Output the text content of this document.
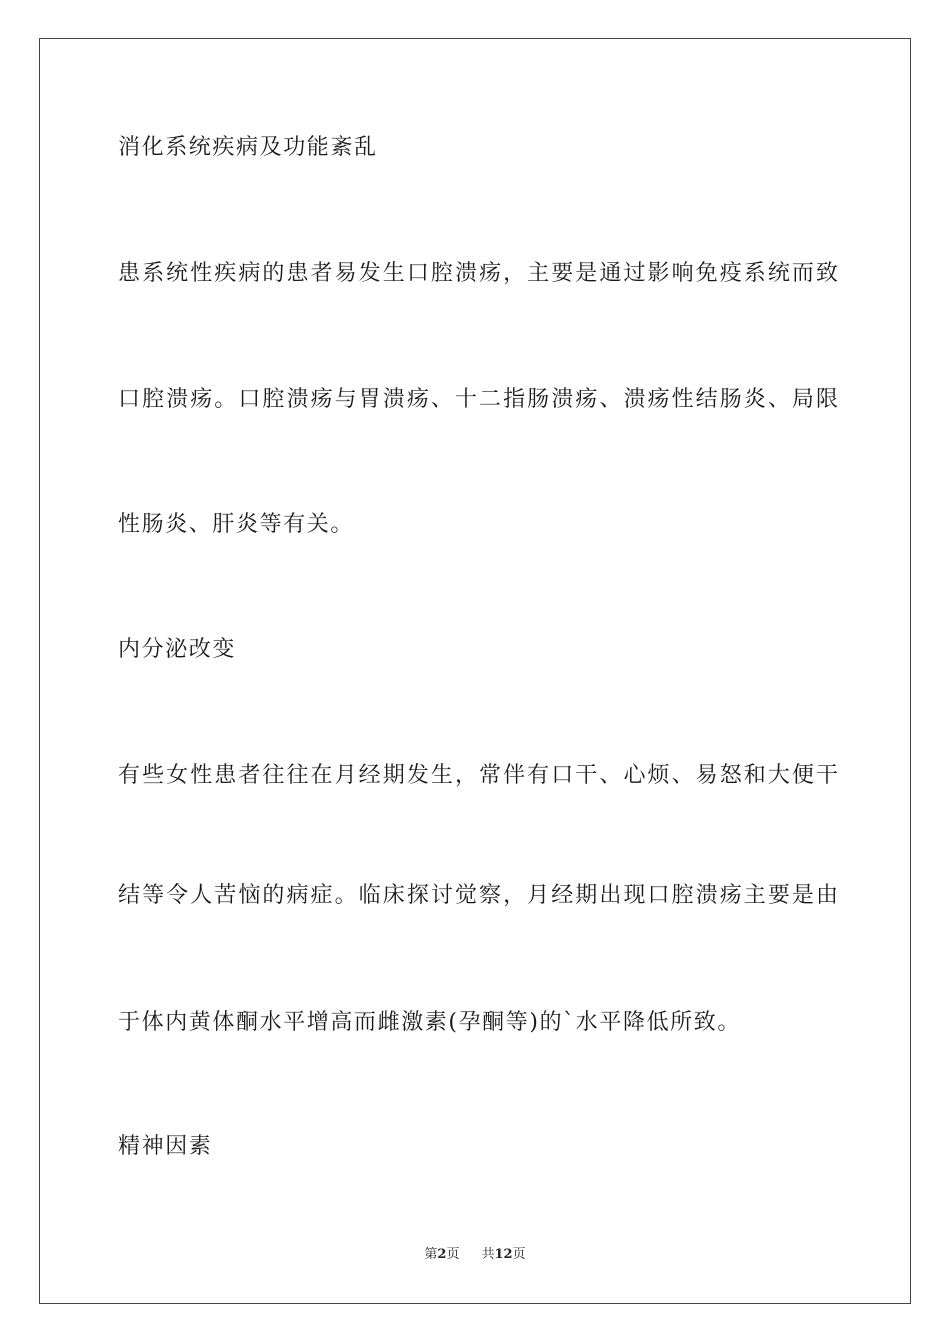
消化系统疾病及功能紊乱
患系统性疾病的患者易发生口腔溃疡，主要是通过影响免疫系统而致
口腔溃疡。口腔溃疡与胃溃疡、十二指肠溃疡、溃疡性结肠炎、局限
性肠炎、肝炎等有关。
内分泌改变
有些女性患者往往在月经期发生，常伴有口干、心烦、易怒和大便干
结等令人苦恼的病症。临床探讨觉察，月经期出现口腔溃疡主要是由
于体内黄体酮水平增高而雌激素(孕酮等)的`水平降低所致。
精神因素
第2页 共12页
